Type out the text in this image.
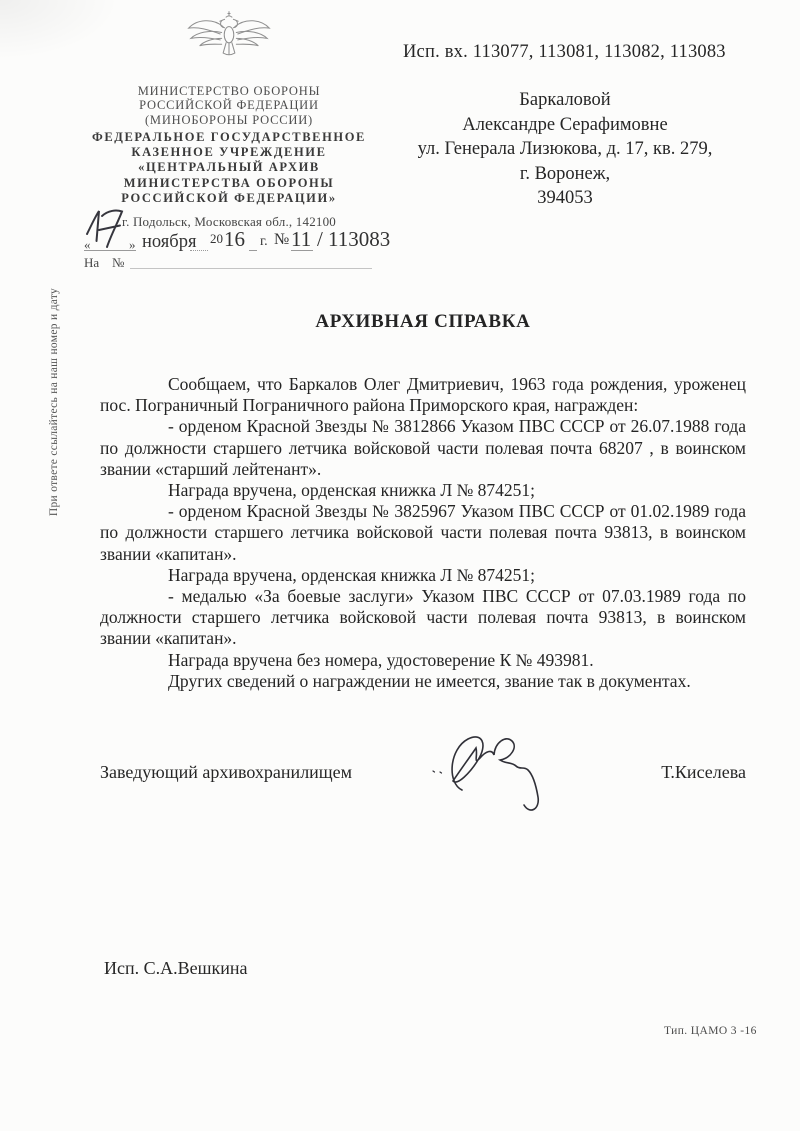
При ответе ссылайтесь на наш номер и дату
МИНИСТЕРСТВО ОБОРОНЫ
РОССИЙСКОЙ ФЕДЕРАЦИИ
(МИНОБОРОНЫ РОССИИ)
ФЕДЕРАЛЬНОЕ ГОСУДАРСТВЕННОЕ
КАЗЕННОЕ УЧРЕЖДЕНИЕ
«ЦЕНТРАЛЬНЫЙ АРХИВ
МИНИСТЕРСТВА ОБОРОНЫ
РОССИЙСКОЙ ФЕДЕРАЦИИ»
г. Подольск, Московская обл., 142100
«	» ноября 20 16 г. № 11 / 113083
На №
Исп. вх. 113077, 113081, 113082, 113083
Баркаловой
Александре Серафимовне
ул. Генерала Лизюкова, д. 17, кв. 279,
г. Воронеж,
394053
АРХИВНАЯ СПРАВКА

Сообщаем, что Баркалов Олег Дмитриевич, 1963 года рождения, уроженец пос. Пограничный Пограничного района Приморского края, награжден:

- орденом Красной Звезды № 3812866 Указом ПВС СССР от 26.07.1988 года по должности старшего летчика войсковой части полевая почта 68207 , в воинском звании «старший лейтенант».

Награда вручена, орденская книжка Л № 874251;

- орденом Красной Звезды № 3825967 Указом ПВС СССР от 01.02.1989 года по должности старшего летчика войсковой части полевая почта 93813, в воинском звании «капитан».

Награда вручена, орденская книжка Л № 874251;

- медалью «За боевые заслуги» Указом ПВС СССР от 07.03.1989 года по должности старшего летчика войсковой части полевая почта 93813, в воинском звании «капитан».

Награда вручена без номера, удостоверение К № 493981.

Других сведений о награждении не имеется, звание так в документах.

Заведующий архивохранилищем	Т.Киселева
Исп. С.А.Вешкина
Тип. ЦАМО 3 -16
